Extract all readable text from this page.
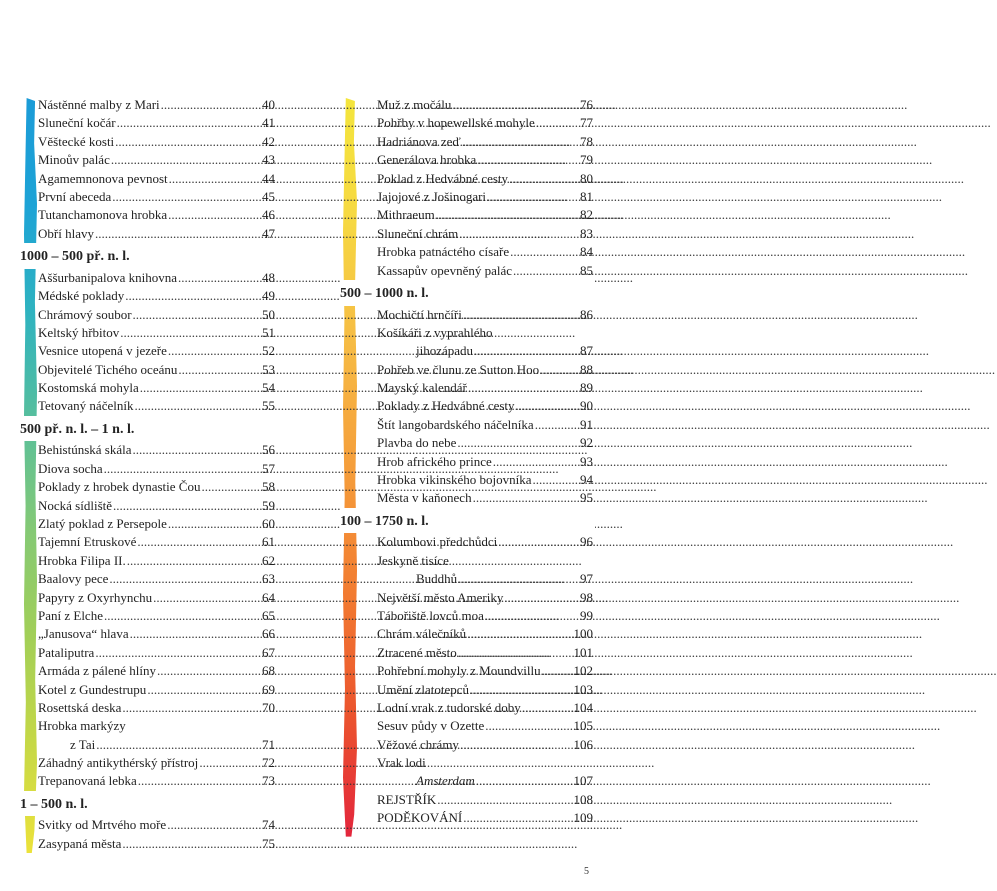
Nástěnné malby z Mari .....	40
Sluneční kočár .....	41
Věštecké kosti .....	42
Minoův palác .....	43
Agamemnonova pevnost .....	44
První abeceda .....	45
Tutanchamonova hrobka .....	46
Obří hlavy .....	47
1000 – 500 př. n. l.
Aššurbanipalova knihovna .....	48
Médské poklady .....	49
Chrámový soubor .....	50
Keltský hřbitov .....	51
Vesnice utopená v jezeře .....	52
Objevitelé Tichého oceánu .....	53
Kostomská mohyla .....	54
Tetovaný náčelník .....	55
500 př. n. l. – 1 n. l.
Behistúnská skála .....	56
Diova socha .....	57
Poklady z hrobek dynastie Čou .....	58
Nocká sídliště .....	59
Zlatý poklad z Persepole .....	60
Tajemní Etruskové .....	61
Hrobka Filipa II. .....	62
Baalovy pece .....	63
Papyry z Oxyrhynchu .....	64
Paní z Elche .....	65
„Janusova“ hlava .....	66
Pataliputra .....	67
Armáda z pálené hlíny .....	68
Kotel z Gundestrupu .....	69
Rosettská deska .....	70
Hrobka markýzy
z Tai .....	71
Záhadný antikythérský přístroj .....	72
Trepanovaná lebka .....	73
1 – 500 n. l.
Svitky od Mrtvého moře .....	74
Zasypaná města .....	75
Muž z močálu .....	76
Pohřby v hopewellské mohyle .....	77
Hadriánova zeď .....	78
Generálova hrobka .....	79
Poklad z Hedvábné cesty .....	80
Jajojové z Jošinogari .....	81
Mithraeum .....	82
Sluneční chrám .....	83
Hrobka patnáctého císaře .....	84
Kassapův opevněný palác .....	85
500 – 1000 n. l.
Mochičtí hrnčíři .....	86
Košíkáři z vyprahlého
jihozápadu .....	87
Pohřeb ve člunu ze Sutton Hoo .....	88
Mayský kalendář .....	89
Poklady z Hedvábné cesty .....	90
Štít langobardského náčelníka .....	91
Plavba do nebe .....	92
Hrob afrického prince .....	93
Hrobka vikinského bojovníka .....	94
Města v kaňonech .....	95
100 – 1750 n. l.
Kolumbovi předchůdci .....	96
Jeskyně tisíce
Buddhů .....	97
Největší město Ameriky .....	98
Tábořiště lovců moa .....	99
Chrám válečníků .....	100
Ztracené město .....	101
Pohřební mohyly z Moundvillu .....	102
Umění zlatotepců .....	103
Lodní vrak z tudorské doby .....	104
Sesuv půdy v Ozette .....	105
Věžové chrámy .....	106
Vrak lodi
Amsterdam .....	107
REJSTŘÍK .....	108
PODĚKOVÁNÍ .....	109
5
